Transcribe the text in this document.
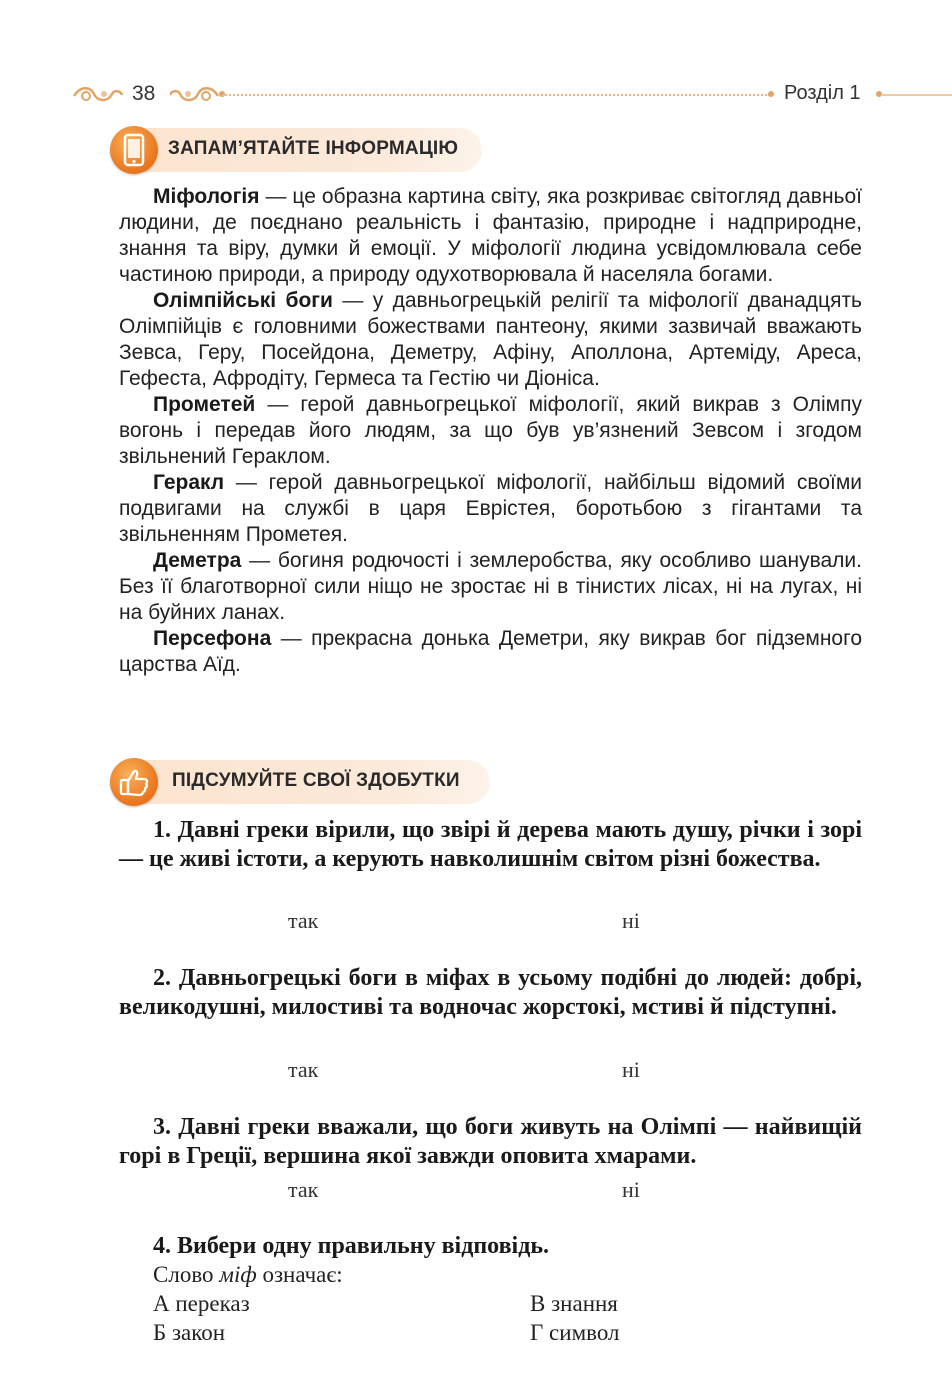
38	Розділ 1
ЗАПАМ’ЯТАЙТЕ ІНФОРМАЦІЮ

Міфологія — це образна картина світу, яка розкриває світогляд давньої людини, де поєднано реальність і фантазію, природне і надприродне, знання та віру, думки й емоції. У міфології людина усвідомлювала себе частиною природи, а природу одухотворювала й населяла богами.

Олімпійські боги — у давньогрецькій релігії та міфології дванадцять Олімпійців є головними божествами пантеону, якими зазвичай вважають Зевса, Геру, Посейдона, Деметру, Афіну, Аполлона, Артеміду, Ареса, Гефеста, Афродіту, Гермеса та Гестію чи Діоніса.

Прометей — герой давньогрецької міфології, який викрав з Олімпу вогонь і передав його людям, за що був ув’язнений Зевсом і згодом звільнений Гераклом.

Геракл — герой давньогрецької міфології, найбільш відомий своїми подвигами на службі в царя Еврістея, боротьбою з гігантами та звільненням Прометея.

Деметра — богиня родючості і землеробства, яку особливо шанували. Без її благотворної сили ніщо не зростає ні в тінистих лісах, ні на лугах, ні на буйних ланах.

Персефона — прекрасна донька Деметри, яку викрав бог підземного царства Аїд.

ПІДСУМУЙТЕ СВОЇ ЗДОБУТКИ

1. Давні греки вірили, що звірі й дерева мають душу, річки і зорі — це живі істоти, а керують навколишнім світом різні божества.

так	ні

2. Давньогрецькі боги в міфах в усьому подібні до людей: добрі, великодушні, милостиві та водночас жорстокі, мстиві й підступні.

так	ні

3. Давні греки вважали, що боги живуть на Олімпі — найвищій горі в Греції, вершина якої завжди оповита хмарами.

так	ні
4. Вибери одну правильну відповідь.
Слово міф означає:
А переказ	В знання
Б закон	Г символ
